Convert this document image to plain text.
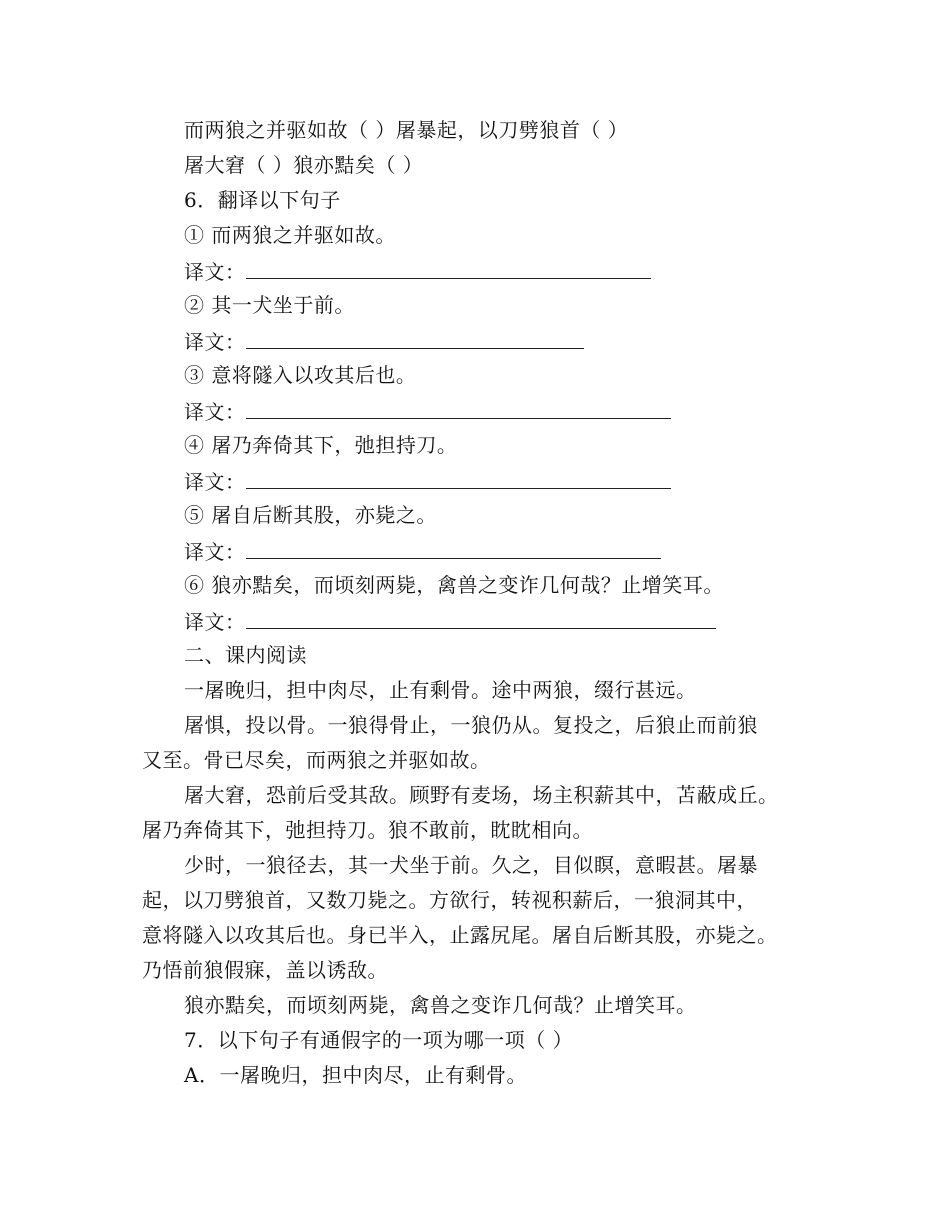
而两狼之并驱如故（ ）屠暴起，以刀劈狼首（ ）
屠大窘（ ）狼亦黠矣（ ）
6．翻译以下句子
① 而两狼之并驱如故。
译文：
② 其一犬坐于前。
译文：
③ 意将隧入以攻其后也。
译文：
④ 屠乃奔倚其下，弛担持刀。
译文：
⑤ 屠自后断其股，亦毙之。
译文：
⑥ 狼亦黠矣，而顷刻两毙，禽兽之变诈几何哉？止增笑耳。
译文：
二、课内阅读
一屠晚归，担中肉尽，止有剩骨。途中两狼，缀行甚远。
屠惧，投以骨。一狼得骨止，一狼仍从。复投之，后狼止而前狼
又至。骨已尽矣，而两狼之并驱如故。
屠大窘，恐前后受其敌。顾野有麦场，场主积薪其中，苫蔽成丘。
屠乃奔倚其下，弛担持刀。狼不敢前，眈眈相向。
少时，一狼径去，其一犬坐于前。久之，目似瞑，意暇甚。屠暴
起，以刀劈狼首，又数刀毙之。方欲行，转视积薪后，一狼洞其中，
意将隧入以攻其后也。身已半入，止露尻尾。屠自后断其股，亦毙之。
乃悟前狼假寐，盖以诱敌。
狼亦黠矣，而顷刻两毙，禽兽之变诈几何哉？止增笑耳。
7．以下句子有通假字的一项为哪一项（ ）
A．一屠晚归，担中肉尽，止有剩骨。
